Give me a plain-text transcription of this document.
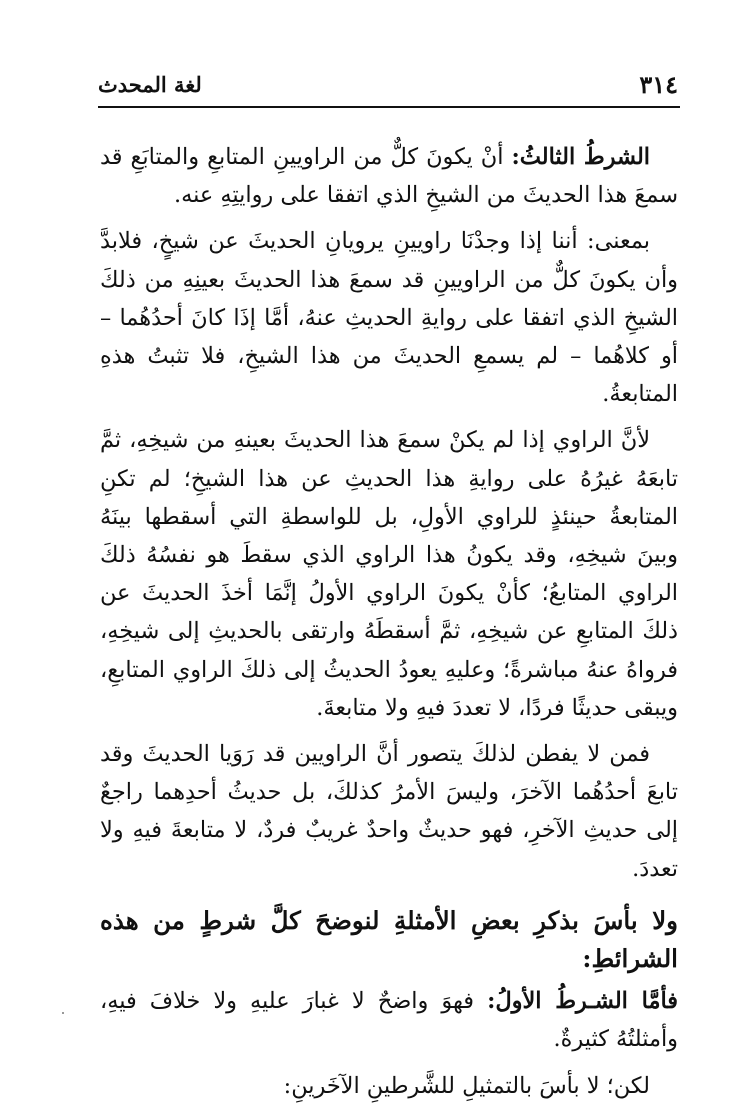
٣١٤
لغة المحدث

الشرطُ الثالثُ: أنْ يكونَ كلٌّ من الراويينِ المتابعِ والمتابَعِ قد سمعَ هذا الحديثَ من الشيخِ الذي اتفقا على روايتِهِ عنه.

بمعنى: أننا إذا وجدْنَا راويينِ يرويانِ الحديثَ عن شيخٍ، فلابدَّ وأن يكونَ كلٌّ من الراويينِ قد سمعَ هذا الحديثَ بعينِهِ من ذلكَ الشيخِ الذي اتفقا على روايةِ الحديثِ عنهُ، أمَّا إذَا كانَ أحدُهُما – أو كلاهُما – لم يسمعِ الحديثَ من هذا الشيخِ، فلا تثبتُ هذهِ المتابعةُ.

لأنَّ الراوي إذا لم يكنْ سمعَ هذا الحديثَ بعينهِ من شيخِهِ، ثمَّ تابعَهُ غيرُهُ على روايةِ هذا الحديثِ عن هذا الشيخِ؛ لم تكنِ المتابعةُ حينئذٍ للراوي الأولِ، بل للواسطةِ التي أسقطها بينَهُ وبينَ شيخِهِ، وقد يكونُ هذا الراوي الذي سقطَ هو نفسُهُ ذلكَ الراوي المتابعُ؛ كأنْ يكونَ الراوي الأولُ إنَّمَا أخذَ الحديثَ عن ذلكَ المتابعِ عن شيخِهِ، ثمَّ أسقطَهُ وارتقى بالحديثِ إلى شيخِهِ، فرواهُ عنهُ مباشرةً؛ وعليهِ يعودُ الحديثُ إلى ذلكَ الراوي المتابعِ، ويبقى حديثًا فردًا، لا تعددَ فيهِ ولا متابعةَ.

فمن لا يفطن لذلكَ يتصور أنَّ الراويين قد رَوَيا الحديثَ وقد تابعَ أحدُهُما الآخرَ، وليسَ الأمرُ كذلكَ، بل حديثُ أحدِهما راجعٌ إلى حديثِ الآخرِ، فهو حديثٌ واحدٌ غريبٌ فردٌ، لا متابعةَ فيهِ ولا تعددَ.

ولا بأسَ بذكرِ بعضِ الأمثلةِ لنوضحَ كلَّ شرطٍ من هذه الشرائطِ:

فأمَّا الشـرطُ الأولُ: فهوَ واضحٌ لا غبارَ عليهِ ولا خلافَ فيهِ، وأمثلتُهُ كثيرةٌ.

لكن؛ لا بأسَ بالتمثيلِ للشَّرطينِ الآخَرينِ:
